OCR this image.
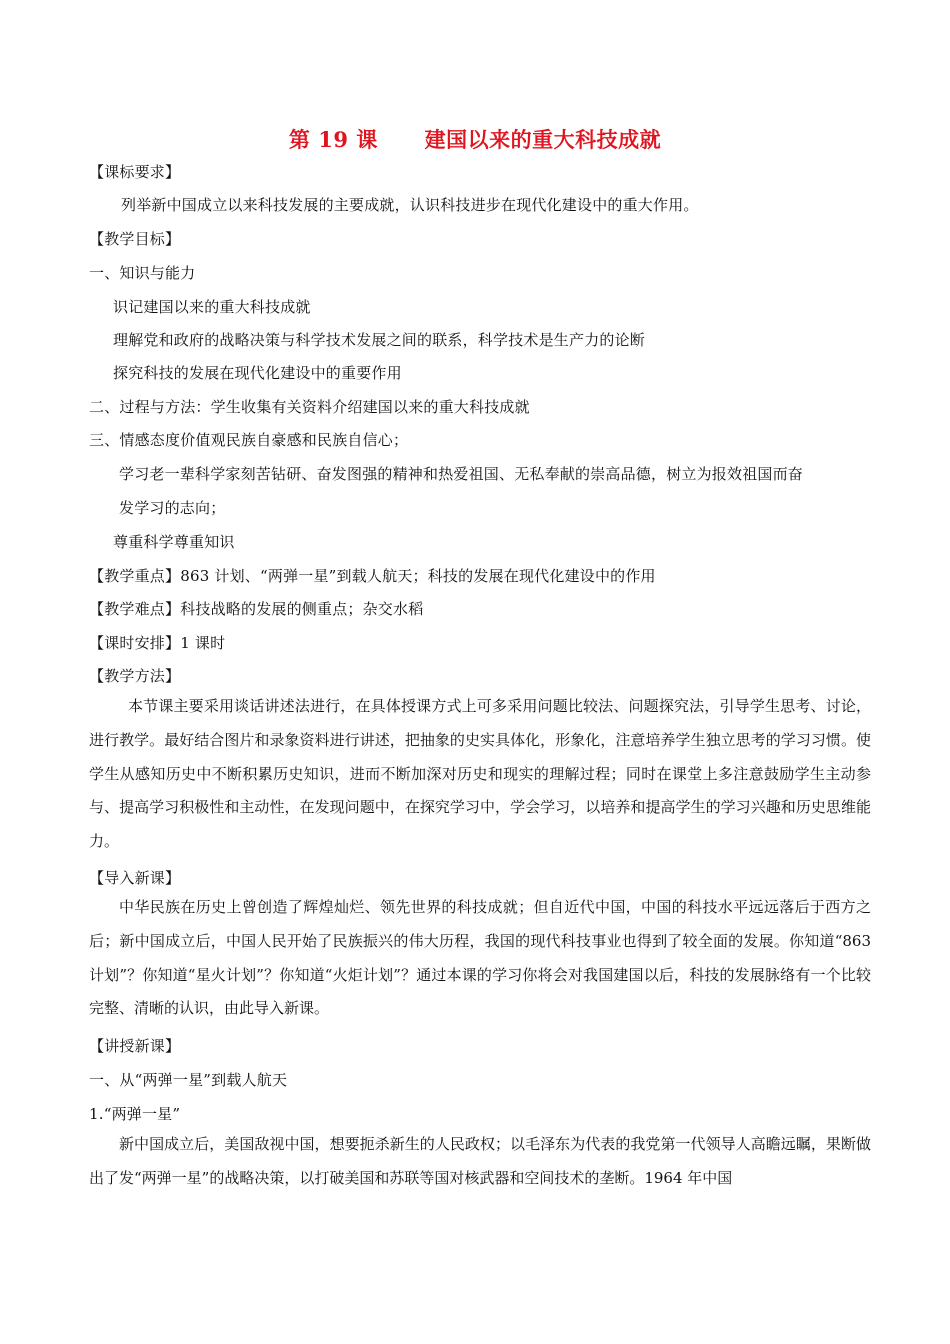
第 19 课      建国以来的重大科技成就
【课标要求】
列举新中国成立以来科技发展的主要成就，认识科技进步在现代化建设中的重大作用。
【教学目标】
一、知识与能力
识记建国以来的重大科技成就
理解党和政府的战略决策与科学技术发展之间的联系，科学技术是生产力的论断
探究科技的发展在现代化建设中的重要作用
二、过程与方法：学生收集有关资料介绍建国以来的重大科技成就
三、情感态度价值观民族自豪感和民族自信心；
学习老一辈科学家刻苦钻研、奋发图强的精神和热爱祖国、无私奉献的崇高品德，树立为报效祖国而奋
发学习的志向；
尊重科学尊重知识
【教学重点】863 计划、“两弹一星”到载人航天；科技的发展在现代化建设中的作用
【教学难点】科技战略的发展的侧重点；杂交水稻
【课时安排】1 课时
【教学方法】
本节课主要采用谈话讲述法进行，在具体授课方式上可多采用问题比较法、问题探究法，引导学生思考、讨论，进行教学。最好结合图片和录象资料进行讲述，把抽象的史实具体化，形象化，注意培养学生独立思考的学习习惯。使学生从感知历史中不断积累历史知识，进而不断加深对历史和现实的理解过程；同时在课堂上多注意鼓励学生主动参与、提高学习积极性和主动性，在发现问题中，在探究学习中，学会学习，以培养和提高学生的学习兴趣和历史思维能力。
【导入新课】
中华民族在历史上曾创造了辉煌灿烂、领先世界的科技成就；但自近代中国，中国的科技水平远远落后于西方之后；新中国成立后，中国人民开始了民族振兴的伟大历程，我国的现代科技事业也得到了较全面的发展。你知道“863 计划”？你知道“星火计划”？你知道“火炬计划”？通过本课的学习你将会对我国建国以后，科技的发展脉络有一个比较完整、清晰的认识，由此导入新课。
【讲授新课】
一、从“两弹一星”到载人航天
1.“两弹一星”
新中国成立后，美国敌视中国，想要扼杀新生的人民政权；以毛泽东为代表的我党第一代领导人高瞻远瞩，果断做出了发“两弹一星”的战略决策，以打破美国和苏联等国对核武器和空间技术的垄断。1964 年中国
